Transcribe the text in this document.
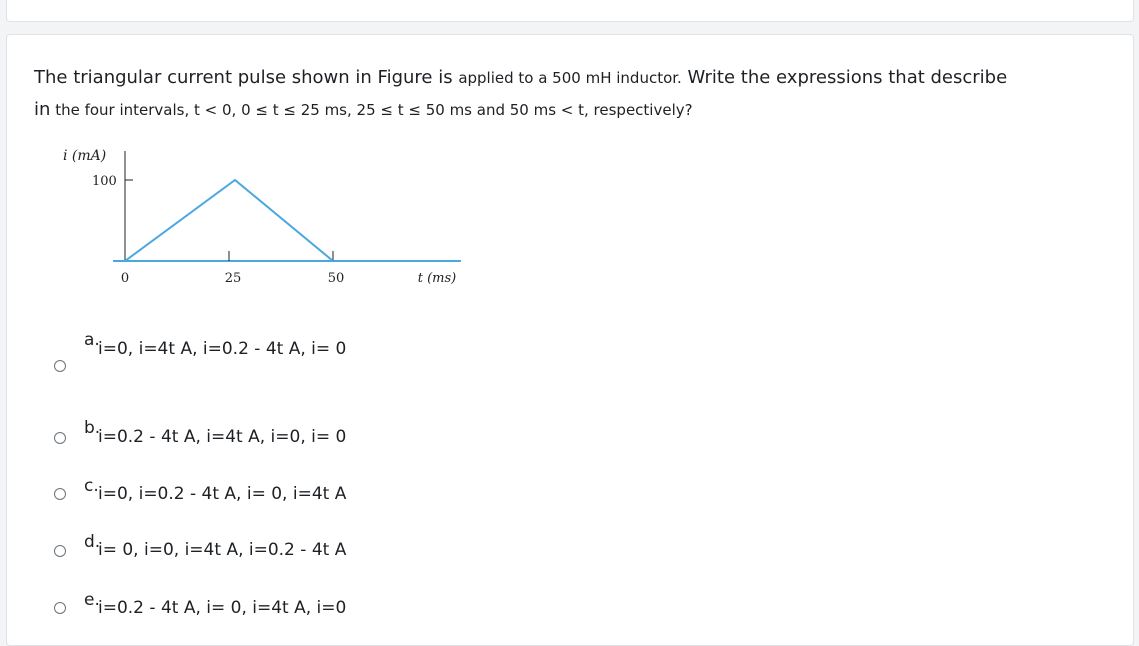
The triangular current pulse shown in Figure is applied to a 500 mH inductor. Write the expressions that describe
in the four intervals, t < 0, 0 ≤ t ≤ 25 ms, 25 ≤ t ≤ 50 ms and 50 ms < t, respectively?
i (mA)
100
0	25	50	t (ms)
a.
i=0, i=4t A, i=0.2 - 4t A, i= 0
b.
i=0.2 - 4t A, i=4t A, i=0, i= 0
c. i=0, i=0.2 - 4t A, i= 0, i=4t A
d.
i= 0, i=0, i=4t A, i=0.2 - 4t A
e.
i=0.2 - 4t A, i= 0, i=4t A, i=0
